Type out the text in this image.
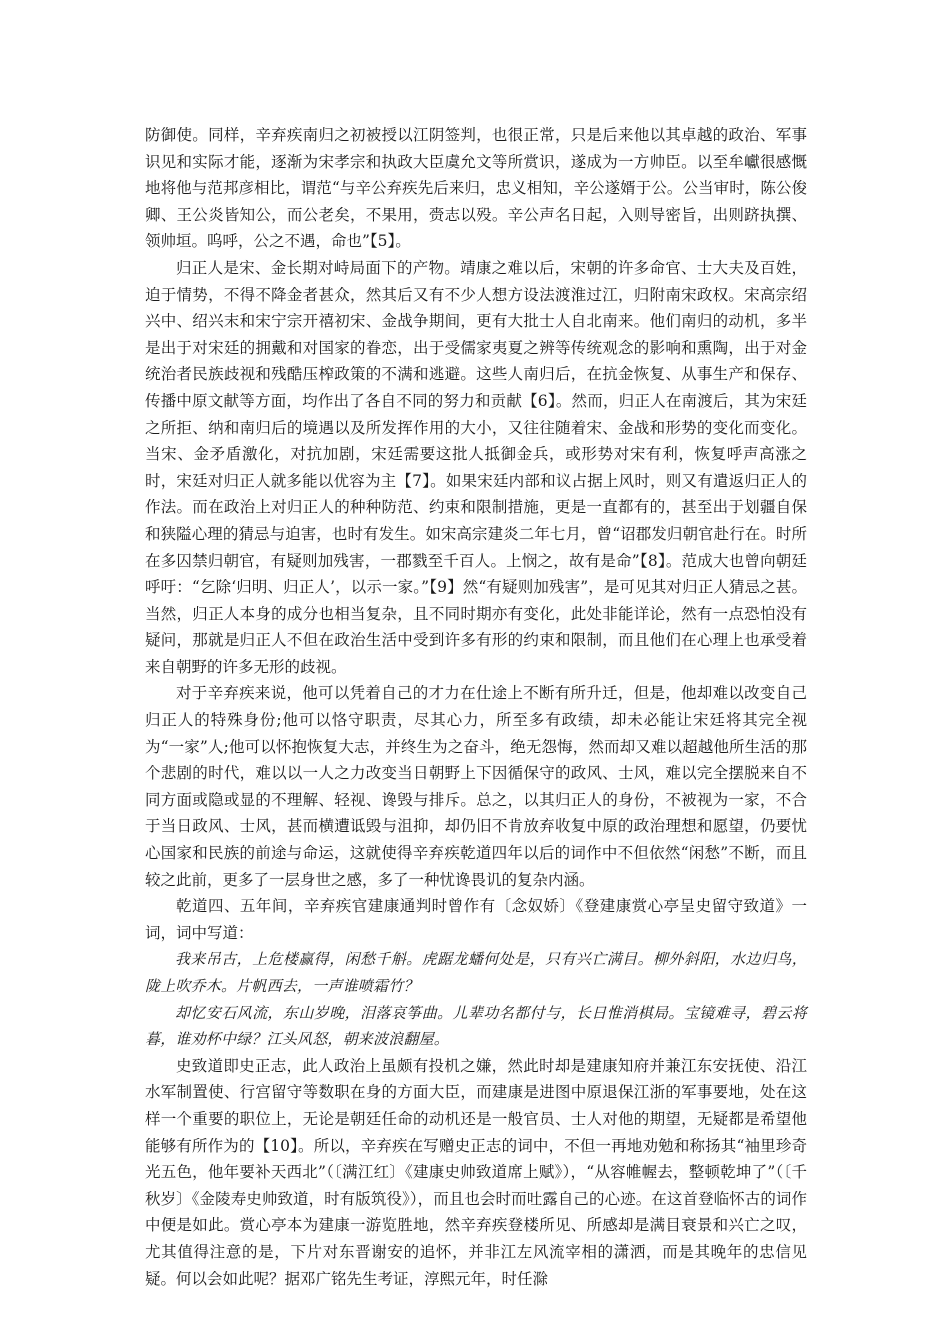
防御使。同样，辛弃疾南归之初被授以江阴签判，也很正常，只是后来他以其卓越的政治、军事识见和实际才能，逐渐为宋孝宗和执政大臣虞允文等所赏识，遂成为一方帅臣。以至牟巘很感慨地将他与范邦彦相比，谓范“与辛公弃疾先后来归，忠义相知，辛公遂婿于公。公当审时，陈公俊卿、王公炎皆知公，而公老矣，不果用，赍志以殁。辛公声名日起，入则导密旨，出则跻执撰、领帅垣。呜呼，公之不遇，命也”【5】。

归正人是宋、金长期对峙局面下的产物。靖康之难以后，宋朝的许多命官、士大夫及百姓，迫于情势，不得不降金者甚众，然其后又有不少人想方设法渡淮过江，归附南宋政权。宋高宗绍兴中、绍兴末和宋宁宗开禧初宋、金战争期间，更有大批士人自北南来。他们南归的动机，多半是出于对宋廷的拥戴和对国家的眷恋，出于受儒家夷夏之辨等传统观念的影响和熏陶，出于对金统治者民族歧视和残酷压榨政策的不满和逃避。这些人南归后，在抗金恢复、从事生产和保存、传播中原文献等方面，均作出了各自不同的努力和贡献【6】。然而，归正人在南渡后，其为宋廷之所拒、纳和南归后的境遇以及所发挥作用的大小，又往往随着宋、金战和形势的变化而变化。当宋、金矛盾激化，对抗加剧，宋廷需要这批人抵御金兵，或形势对宋有利，恢复呼声高涨之时，宋廷对归正人就多能以优容为主【7】。如果宋廷内部和议占据上风时，则又有遣返归正人的作法。而在政治上对归正人的种种防范、约束和限制措施，更是一直都有的，甚至出于划疆自保和狭隘心理的猜忌与迫害，也时有发生。如宋高宗建炎二年七月，曾“诏郡发归朝官赴行在。时所在多囚禁归朝官，有疑则加残害，一郡戮至千百人。上悯之，故有是命”【8】。范成大也曾向朝廷呼吁：“乞除‘归明、归正人’，以示一家。”【9】然“有疑则加残害”，是可见其对归正人猜忌之甚。当然，归正人本身的成分也相当复杂，且不同时期亦有变化，此处非能详论，然有一点恐怕没有疑问，那就是归正人不但在政治生活中受到许多有形的约束和限制，而且他们在心理上也承受着来自朝野的许多无形的歧视。

对于辛弃疾来说，他可以凭着自己的才力在仕途上不断有所升迁，但是，他却难以改变自己归正人的特殊身份;他可以恪守职责，尽其心力，所至多有政绩，却未必能让宋廷将其完全视为“一家”人;他可以怀抱恢复大志，并终生为之奋斗，绝无怨悔，然而却又难以超越他所生活的那个悲剧的时代，难以以一人之力改变当日朝野上下因循保守的政风、士风，难以完全摆脱来自不同方面或隐或显的不理解、轻视、谗毁与排斥。总之，以其归正人的身份，不被视为一家，不合于当日政风、士风，甚而横遭诋毁与沮抑，却仍旧不肯放弃收复中原的政治理想和愿望，仍要忧心国家和民族的前途与命运，这就使得辛弃疾乾道四年以后的词作中不但依然“闲愁”不断，而且较之此前，更多了一层身世之感，多了一种忧谗畏讥的复杂内涵。

乾道四、五年间，辛弃疾官建康通判时曾作有〔念奴娇〕《登建康赏心亭呈史留守致道》一词，词中写道：

我来吊古，上危楼赢得，闲愁千斛。虎踞龙蟠何处是，只有兴亡满目。柳外斜阳，水边归鸟，陇上吹乔木。片帆西去，一声谁喷霜竹？

却忆安石风流，东山岁晚，泪落哀筝曲。儿辈功名都付与，长日惟消棋局。宝镜难寻，碧云将暮，谁劝杯中绿？江头风怒，朝来波浪翻屋。

史致道即史正志，此人政治上虽颇有投机之嫌，然此时却是建康知府并兼江东安抚使、沿江水军制置使、行宫留守等数职在身的方面大臣，而建康是进图中原退保江浙的军事要地，处在这样一个重要的职位上，无论是朝廷任命的动机还是一般官员、士人对他的期望，无疑都是希望他能够有所作为的【10】。所以，辛弃疾在写赠史正志的词中，不但一再地劝勉和称扬其“袖里珍奇光五色，他年要补天西北”（〔满江红〕《建康史帅致道席上赋》），“从容帷幄去，整顿乾坤了”（〔千秋岁〕《金陵寿史帅致道，时有版筑役》），而且也会时而吐露自己的心迹。在这首登临怀古的词作中便是如此。赏心亭本为建康一游览胜地，然辛弃疾登楼所见、所感却是满目衰景和兴亡之叹，尤其值得注意的是，下片对东晋谢安的追怀，并非江左风流宰相的潇洒，而是其晚年的忠信见疑。何以会如此呢？据邓广铭先生考证，淳熙元年，时任滁
